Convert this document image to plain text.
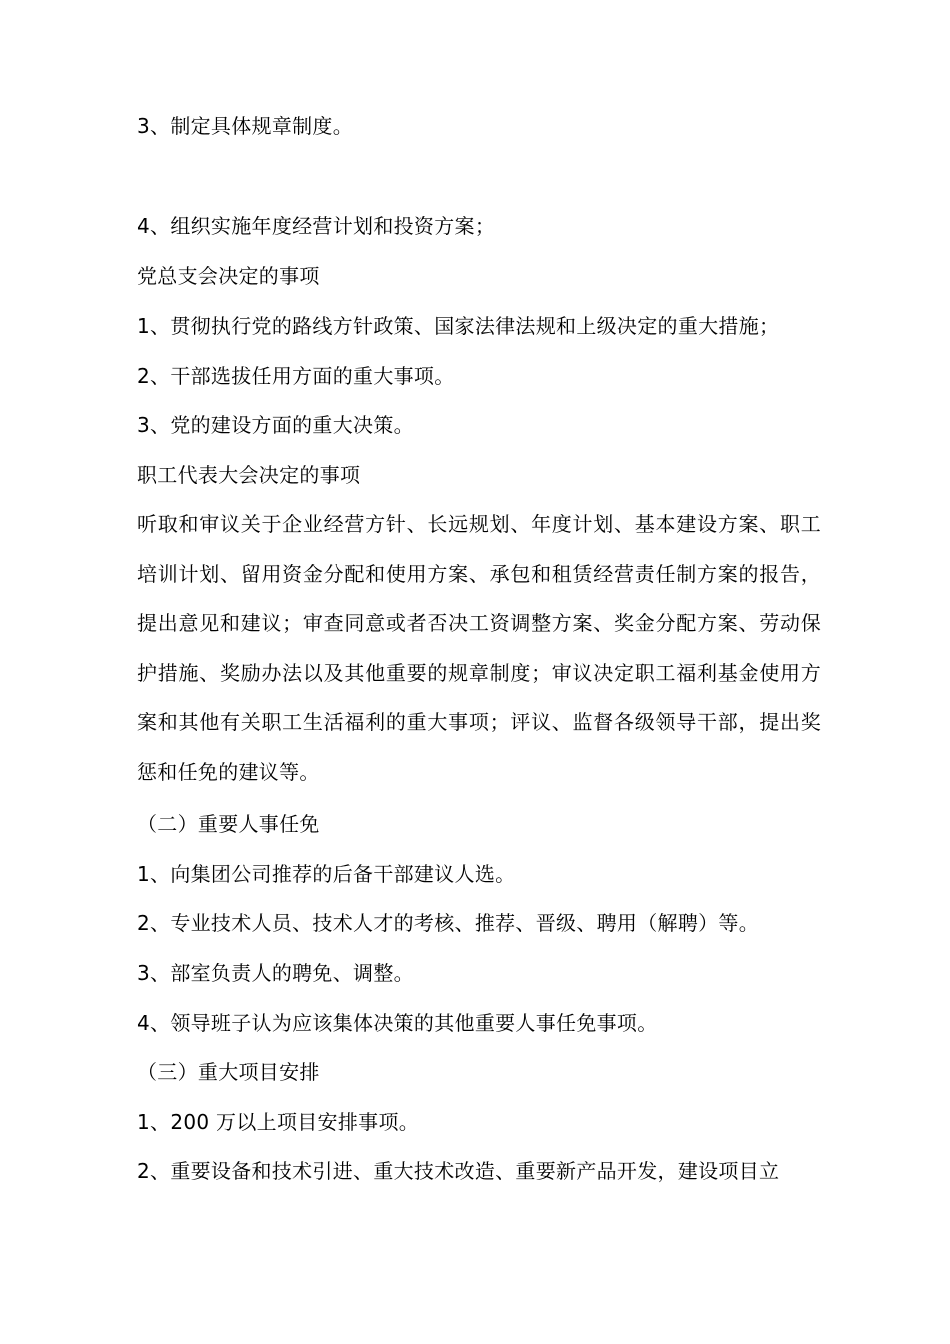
3、制定具体规章制度。
4、组织实施年度经营计划和投资方案；
党总支会决定的事项
1、贯彻执行党的路线方针政策、国家法律法规和上级决定的重大措施；
2、干部选拔任用方面的重大事项。
3、党的建设方面的重大决策。
职工代表大会决定的事项
听取和审议关于企业经营方针、长远规划、年度计划、基本建设方案、职工培训计划、留用资金分配和使用方案、承包和租赁经营责任制方案的报告，提出意见和建议；审查同意或者否决工资调整方案、奖金分配方案、劳动保护措施、奖励办法以及其他重要的规章制度；审议决定职工福利基金使用方案和其他有关职工生活福利的重大事项；评议、监督各级领导干部，提出奖惩和任免的建议等。
（二）重要人事任免
1、向集团公司推荐的后备干部建议人选。
2、专业技术人员、技术人才的考核、推荐、晋级、聘用（解聘）等。
3、部室负责人的聘免、调整。
4、领导班子认为应该集体决策的其他重要人事任免事项。
（三）重大项目安排
1、200 万以上项目安排事项。
2、重要设备和技术引进、重大技术改造、重要新产品开发，建设项目立
